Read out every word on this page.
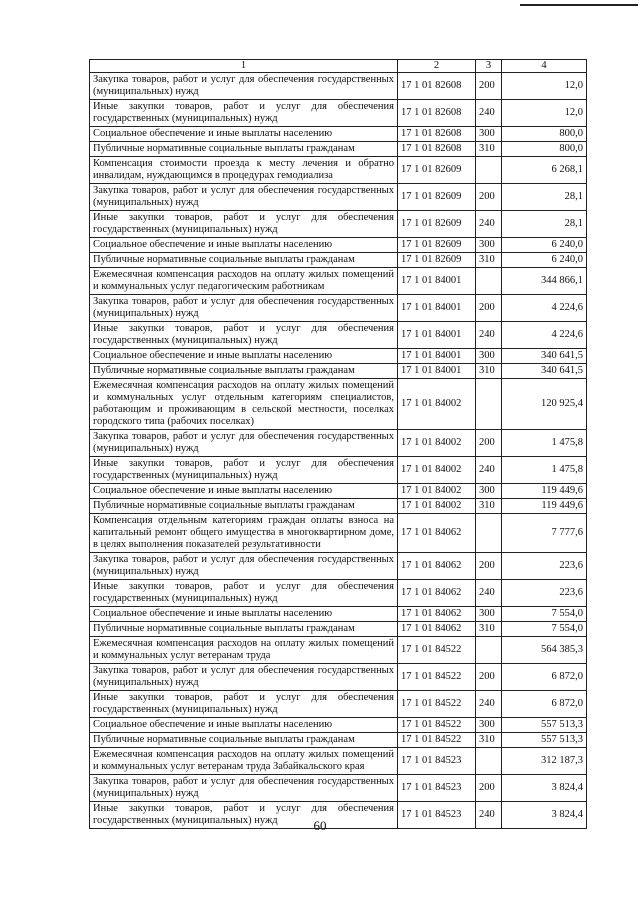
1	2	3	4
Закупка товаров, работ и услуг для обеспечения государственных (муниципальных) нужд	17 1 01 82608	200	12,0
Иные закупки товаров, работ и услуг для обеспечения государственных (муниципальных) нужд	17 1 01 82608	240	12,0
Социальное обеспечение и иные выплаты населению	17 1 01 82608	300	800,0
Публичные нормативные социальные выплаты гражданам	17 1 01 82608	310	800,0
Компенсация стоимости проезда к месту лечения и обратно инвалидам, нуждающимся в процедурах гемодиализа	17 1 01 82609		6 268,1
Закупка товаров, работ и услуг для обеспечения государственных (муниципальных) нужд	17 1 01 82609	200	28,1
Иные закупки товаров, работ и услуг для обеспечения государственных (муниципальных) нужд	17 1 01 82609	240	28,1
Социальное обеспечение и иные выплаты населению	17 1 01 82609	300	6 240,0
Публичные нормативные социальные выплаты гражданам	17 1 01 82609	310	6 240,0
Ежемесячная компенсация расходов на оплату жилых помещений и коммунальных услуг педагогическим работникам	17 1 01 84001		344 866,1
Закупка товаров, работ и услуг для обеспечения государственных (муниципальных) нужд	17 1 01 84001	200	4 224,6
Иные закупки товаров, работ и услуг для обеспечения государственных (муниципальных) нужд	17 1 01 84001	240	4 224,6
Социальное обеспечение и иные выплаты населению	17 1 01 84001	300	340 641,5
Публичные нормативные социальные выплаты гражданам	17 1 01 84001	310	340 641,5
Ежемесячная компенсация расходов на оплату жилых помещений и коммунальных услуг отдельным категориям специалистов, работающим и проживающим в сельской местности, поселках городского типа (рабочих поселках)	17 1 01 84002		120 925,4
Закупка товаров, работ и услуг для обеспечения государственных (муниципальных) нужд	17 1 01 84002	200	1 475,8
Иные закупки товаров, работ и услуг для обеспечения государственных (муниципальных) нужд	17 1 01 84002	240	1 475,8
Социальное обеспечение и иные выплаты населению	17 1 01 84002	300	119 449,6
Публичные нормативные социальные выплаты гражданам	17 1 01 84002	310	119 449,6
Компенсация отдельным категориям граждан оплаты взноса на капитальный ремонт общего имущества в многоквартирном доме, в целях выполнения показателей результативности	17 1 01 84062		7 777,6
Закупка товаров, работ и услуг для обеспечения государственных (муниципальных) нужд	17 1 01 84062	200	223,6
Иные закупки товаров, работ и услуг для обеспечения государственных (муниципальных) нужд	17 1 01 84062	240	223,6
Социальное обеспечение и иные выплаты населению	17 1 01 84062	300	7 554,0
Публичные нормативные социальные выплаты гражданам	17 1 01 84062	310	7 554,0
Ежемесячная компенсация расходов на оплату жилых помещений и коммунальных услуг ветеранам труда	17 1 01 84522		564 385,3
Закупка товаров, работ и услуг для обеспечения государственных (муниципальных) нужд	17 1 01 84522	200	6 872,0
Иные закупки товаров, работ и услуг для обеспечения государственных (муниципальных) нужд	17 1 01 84522	240	6 872,0
Социальное обеспечение и иные выплаты населению	17 1 01 84522	300	557 513,3
Публичные нормативные социальные выплаты гражданам	17 1 01 84522	310	557 513,3
Ежемесячная компенсация расходов на оплату жилых помещений и коммунальных услуг ветеранам труда Забайкальского края	17 1 01 84523		312 187,3
Закупка товаров, работ и услуг для обеспечения государственных (муниципальных) нужд	17 1 01 84523	200	3 824,4
Иные закупки товаров, работ и услуг для обеспечения государственных (муниципальных) нужд	17 1 01 84523	240	3 824,4
60
